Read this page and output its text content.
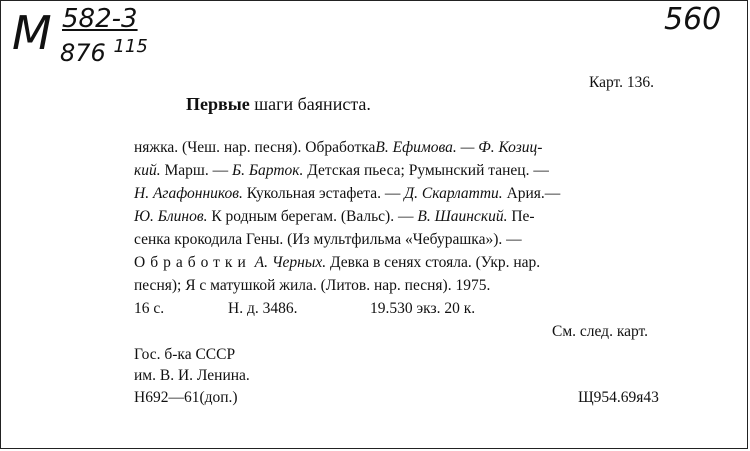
М 582-3
876 $^{115}$
560
Карт. 136.
Первые шаги баяниста.
няжка. (Чеш. нар. песня). ОбработкаВ. Ефимова. — Ф. Козиц-
кий. Марш. — Б. Барток. Детская пьеса; Румынский танец. —
Н. Агафонников. Кукольная эстафета. — Д. Скарлатти. Ария.—
Ю. Блинов. К родным берегам. (Вальс). — В. Шаинский. Пе-
сенка крокодила Гены. (Из мультфильма «Чебурашка»). —
Обработки А. Черных. Девка в сенях стояла. (Укр. нар.
песня); Я с матушкой жила. (Литов. нар. песня). 1975.
16 с.	Н. д. 3486.	19.530 экз. 20 к.
См. след. карт.
Гос. б-ка СССР
им. В. И. Ленина.
Н692—61(доп.)	Щ954.69я43
